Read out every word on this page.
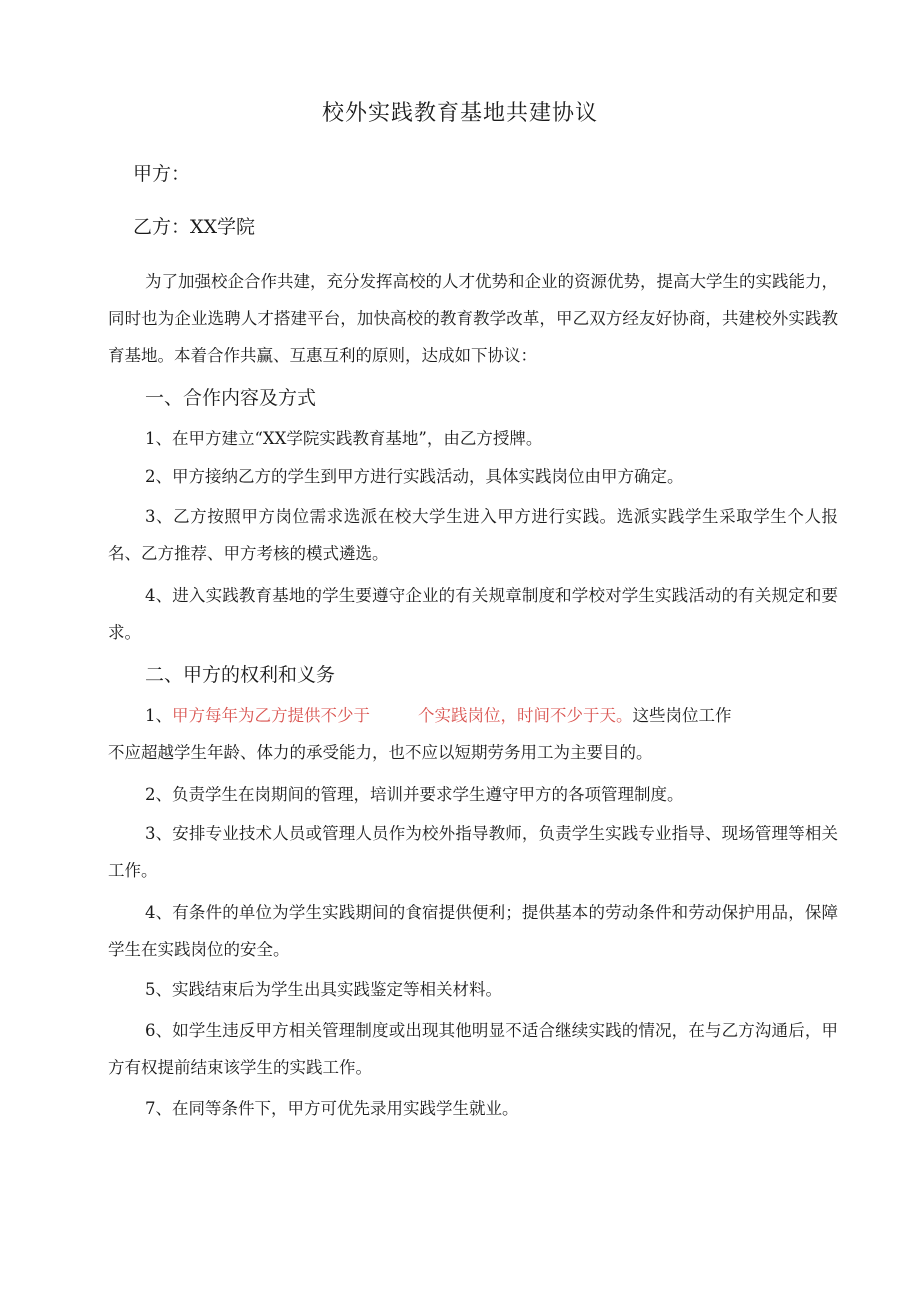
校外实践教育基地共建协议
甲方：
乙方：XX学院
为了加强校企合作共建，充分发挥高校的人才优势和企业的资源优势，提高大学生的实践能力，同时也为企业选聘人才搭建平台，加快高校的教育教学改革，甲乙双方经友好协商，共建校外实践教育基地。本着合作共赢、互惠互利的原则，达成如下协议：
一、合作内容及方式
1、在甲方建立“XX学院实践教育基地”，由乙方授牌。
2、甲方接纳乙方的学生到甲方进行实践活动，具体实践岗位由甲方确定。
3、乙方按照甲方岗位需求选派在校大学生进入甲方进行实践。选派实践学生采取学生个人报名、乙方推荐、甲方考核的模式遴选。
4、进入实践教育基地的学生要遵守企业的有关规章制度和学校对学生实践活动的有关规定和要求。
二、甲方的权利和义务
1、甲方每年为乙方提供不少于	个实践岗位，时间不少于天。这些岗位工作
不应超越学生年龄、体力的承受能力，也不应以短期劳务用工为主要目的。
2、负责学生在岗期间的管理，培训并要求学生遵守甲方的各项管理制度。
3、安排专业技术人员或管理人员作为校外指导教师，负责学生实践专业指导、现场管理等相关工作。
4、有条件的单位为学生实践期间的食宿提供便利；提供基本的劳动条件和劳动保护用品，保障学生在实践岗位的安全。
5、实践结束后为学生出具实践鉴定等相关材料。
6、如学生违反甲方相关管理制度或出现其他明显不适合继续实践的情况，在与乙方沟通后，甲方有权提前结束该学生的实践工作。
7、在同等条件下，甲方可优先录用实践学生就业。
